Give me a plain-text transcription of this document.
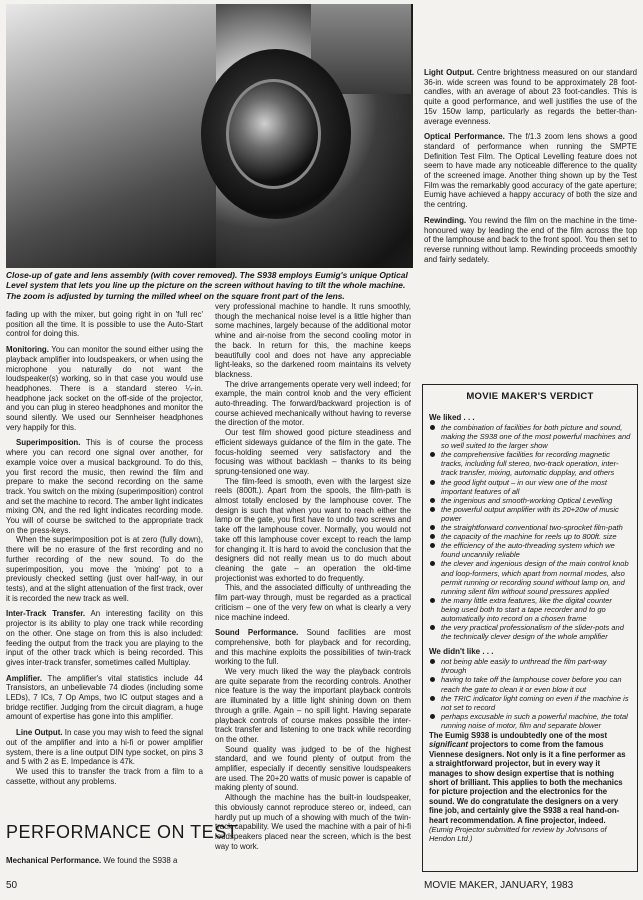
Close-up of gate and lens assembly (with cover removed). The S938 employs Eumig's unique Optical Level system that lets you line up the picture on the screen without having to tilt the whole machine. The zoom is adjusted by turning the milled wheel on the square front part of the lens.

fading up with the mixer, but going right in on 'full rec' position all the time. It is possible to use the Auto-Start control for doing this.

Monitoring. You can monitor the sound either using the playback amplifier into loudspeakers, or when using the microphone you naturally do not want the loudspeaker(s) working, so in that case you would use headphones. There is a standard stereo ¼-in. headphone jack socket on the off-side of the projector, and you can plug in stereo headphones and monitor the sound silently. We used our Sennheiser headphones very happily for this.

Superimposition. This is of course the process where you can record one signal over another, for example voice over a musical background. To do this, you first record the music, then rewind the film and prepare to make the second recording on the same track. You switch on the mixing (superimposition) control and set the machine to record. The amber light indicates mixing ON, and the red light indicates recording mode. You will of course be switched to the appropriate track on the press-keys.

When the superimposition pot is at zero (fully down), there will be no erasure of the first recording and no further recording of the new sound. To do the superimposition, you move the 'mixing' pot to a previously checked setting (just over half-way, in our tests), and at the slight attenuation of the first track, over it is recorded the new track as well.

Inter-Track Transfer. An interesting facility on this projector is its ability to play one track while recording on the other. One stage on from this is also included: feeding the output from the track you are playing to the input of the other track which is being recorded. This gives inter-track transfer, sometimes called Multiplay.

Amplifier. The amplifier's vital statistics include 44 Transistors, an unbelievable 74 diodes (including some LEDs), 7 ICs, 7 Op Amps, two IC output stages and a bridge rectifier. Judging from the circuit diagram, a huge amount of expertise has gone into this amplifier.

Line Output. In case you may wish to feed the signal out of the amplifier and into a hi-fi or power amplifier system, there is a line output DIN type socket, on pins 3 and 5 with 2 as E. Impedance is 47k.

We used this to transfer the track from a film to a cassette, without any problems.

PERFORMANCE ON TEST
Mechanical Performance. We found the S938 a

very professional machine to handle. It runs smoothly, though the mechanical noise level is a little higher than some machines, largely because of the additional motor whine and air-noise from the second cooling motor in the back. In return for this, the machine keeps beautifully cool and does not have any appreciable light-leaks, so the darkened room maintains its velvety blackness.

The drive arrangements operate very well indeed; for example, the main control knob and the very efficient auto-threading. The forward/backward projection is of course achieved mechanically without having to reverse the direction of the motor.

Our test film showed good picture steadiness and efficient sideways guidance of the film in the gate. The focus-holding seemed very satisfactory and the focusing was without backlash – thanks to its being sprung-tensioned one way.

The film-feed is smooth, even with the largest size reels (800ft.). Apart from the spools, the film-path is almost totally enclosed by the lamphouse cover. The design is such that when you want to reach either the lamp or the gate, you first have to undo two screws and take off the lamphouse cover. Normally, you would not take off this lamphouse cover except to reach the lamp for changing it. It is hard to avoid the conclusion that the designers did not really mean us to do much about cleaning the gate – an operation the old-time projectionist was exhorted to do frequently.

This, and the associated difficulty of unthreading the film part-way through, must be regarded as a practical criticism – one of the very few on what is clearly a very nice machine indeed.

Sound Performance. Sound facilities are most comprehensive, both for playback and for recording, and this machine exploits the possibilities of twin-track working to the full.

We very much liked the way the playback controls are quite separate from the recording controls. Another nice feature is the way the important playback controls are illuminated by a little light shining down on them through a grille. Again – no spill light. Having separate playback controls of course makes possible the inter-track transfer and listening to one track while recording on the other.

Sound quality was judged to be of the highest standard, and we found plenty of output from the amplifier, especially if decently sensitive loudspeakers are used. The 20+20 watts of music power is capable of making plenty of sound.

Although the machine has the built-in loudspeaker, this obviously cannot reproduce stereo or, indeed, can hardly put up much of a showing with much of the twin-track capability. We used the machine with a pair of hi-fi loudspeakers placed near the screen, which is the best way to work.

Light Output. Centre brightness measured on our standard 36-in. wide screen was found to be approximately 28 foot-candles, with an average of about 23 foot-candles. This is quite a good performance, and well justifies the use of the 15v 150w lamp, particularly as regards the better-than-average evenness.

Optical Performance. The f/1.3 zoom lens shows a good standard of performance when running the SMPTE Definition Test Film. The Optical Levelling feature does not seem to have made any noticeable difference to the quality of the screened image. Another thing shown up by the Test Film was the remarkably good accuracy of the gate aperture; Eumig have achieved a happy accuracy of both the size and the centring.

Rewinding. You rewind the film on the machine in the time-honoured way by leading the end of the film across the top of the lamphouse and back to the front spool. You then set to reverse running without lamp. Rewinding proceeds smoothly and fairly sedately.

MOVIE MAKER'S VERDICT
We liked . . .
the combination of facilities for both picture and sound, making the S938 one of the most powerful machines and so well suited to the larger show
the comprehensive facilities for recording magnetic tracks, including full stereo, two-track operation, inter-track transfer, mixing, automatic dupplay, and others
the good light output – in our view one of the most important features of all
the ingenious and smooth-working Optical Levelling
the powerful output amplifier with its 20+20w of music power
the straightforward conventional two-sprocket film-path
the capacity of the machine for reels up to 800ft. size
the efficiency of the auto-threading system which we found uncannily reliable
the clever and ingenious design of the main control knob and loop-formers, which apart from normal modes, also permit running or recording sound without lamp on, and running silent film without sound pressures applied
the many little extra features, like the digital counter being used both to start a tape recorder and to go automatically into record on a chosen frame
the very practical professionalism of the slider-pots and the technically clever design of the whole amplifier
We didn't like . . .
not being able easily to unthread the film part-way through
having to take off the lamphouse cover before you can reach the gate to clean it or even blow it out
the TRIC indicator light coming on even if the machine is not set to record
perhaps excusable in such a powerful machine, the total running noise of motor, film and separate blower

The Eumig S938 is undoubtedly one of the most significant projectors to come from the famous Viennese designers. Not only is it a fine performer as a straightforward projector, but in every way it manages to show design expertise that is nothing short of brilliant. This applies to both the mechanics for picture projection and the electronics for the sound. We do congratulate the designers on a very fine job, and certainly give the S938 a real hand-on-heart recommendation. A fine projector, indeed.

(Eumig Projector submitted for review by Johnsons of Hendon Ltd.)

50	MOVIE MAKER, JANUARY, 1983
